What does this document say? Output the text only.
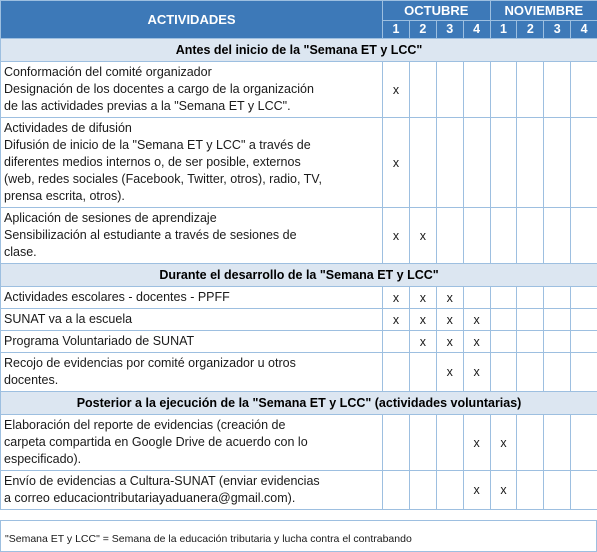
ACTIVIDADES	OCTUBRE				NOVIEMBRE			
	1	2	3	4	1	2	3	4
Antes del inicio de la "Semana ET y LCC"								

Conformación del comité organizador
Designación de los docentes a cargo de la organización
de las actividades previas a la "Semana ET y LCC".	x							

Actividades de difusión
Difusión de inicio de la "Semana ET y LCC" a través de
diferentes medios internos o, de ser posible, externos
(web, redes sociales (Facebook, Twitter, otros), radio, TV,
prensa escrita, otros).	x							

Aplicación de sesiones de aprendizaje
Sensibilización al estudiante a través de sesiones de
clase.	x	x						
Durante el desarrollo de la "Semana ET y LCC"								

Actividades escolares - docentes - PPFF	x	x	x					

SUNAT va a la escuela	x	x	x	x				

Programa Voluntariado de SUNAT		x	x	x				

Recojo de evidencias por comité organizador u otros
docentes.			x	x				
Posterior a la ejecución de la "Semana ET y LCC" (actividades voluntarias)								

Elaboración del reporte de evidencias (creación de
carpeta compartida en Google Drive de acuerdo con lo
especificado).				x	x			

Envío de evidencias a Cultura-SUNAT (enviar evidencias
a correo educaciontributariayaduanera@gmail.com).				x	x			
"Semana ET y LCC" = Semana de la educación tributaria y lucha contra el contrabando
